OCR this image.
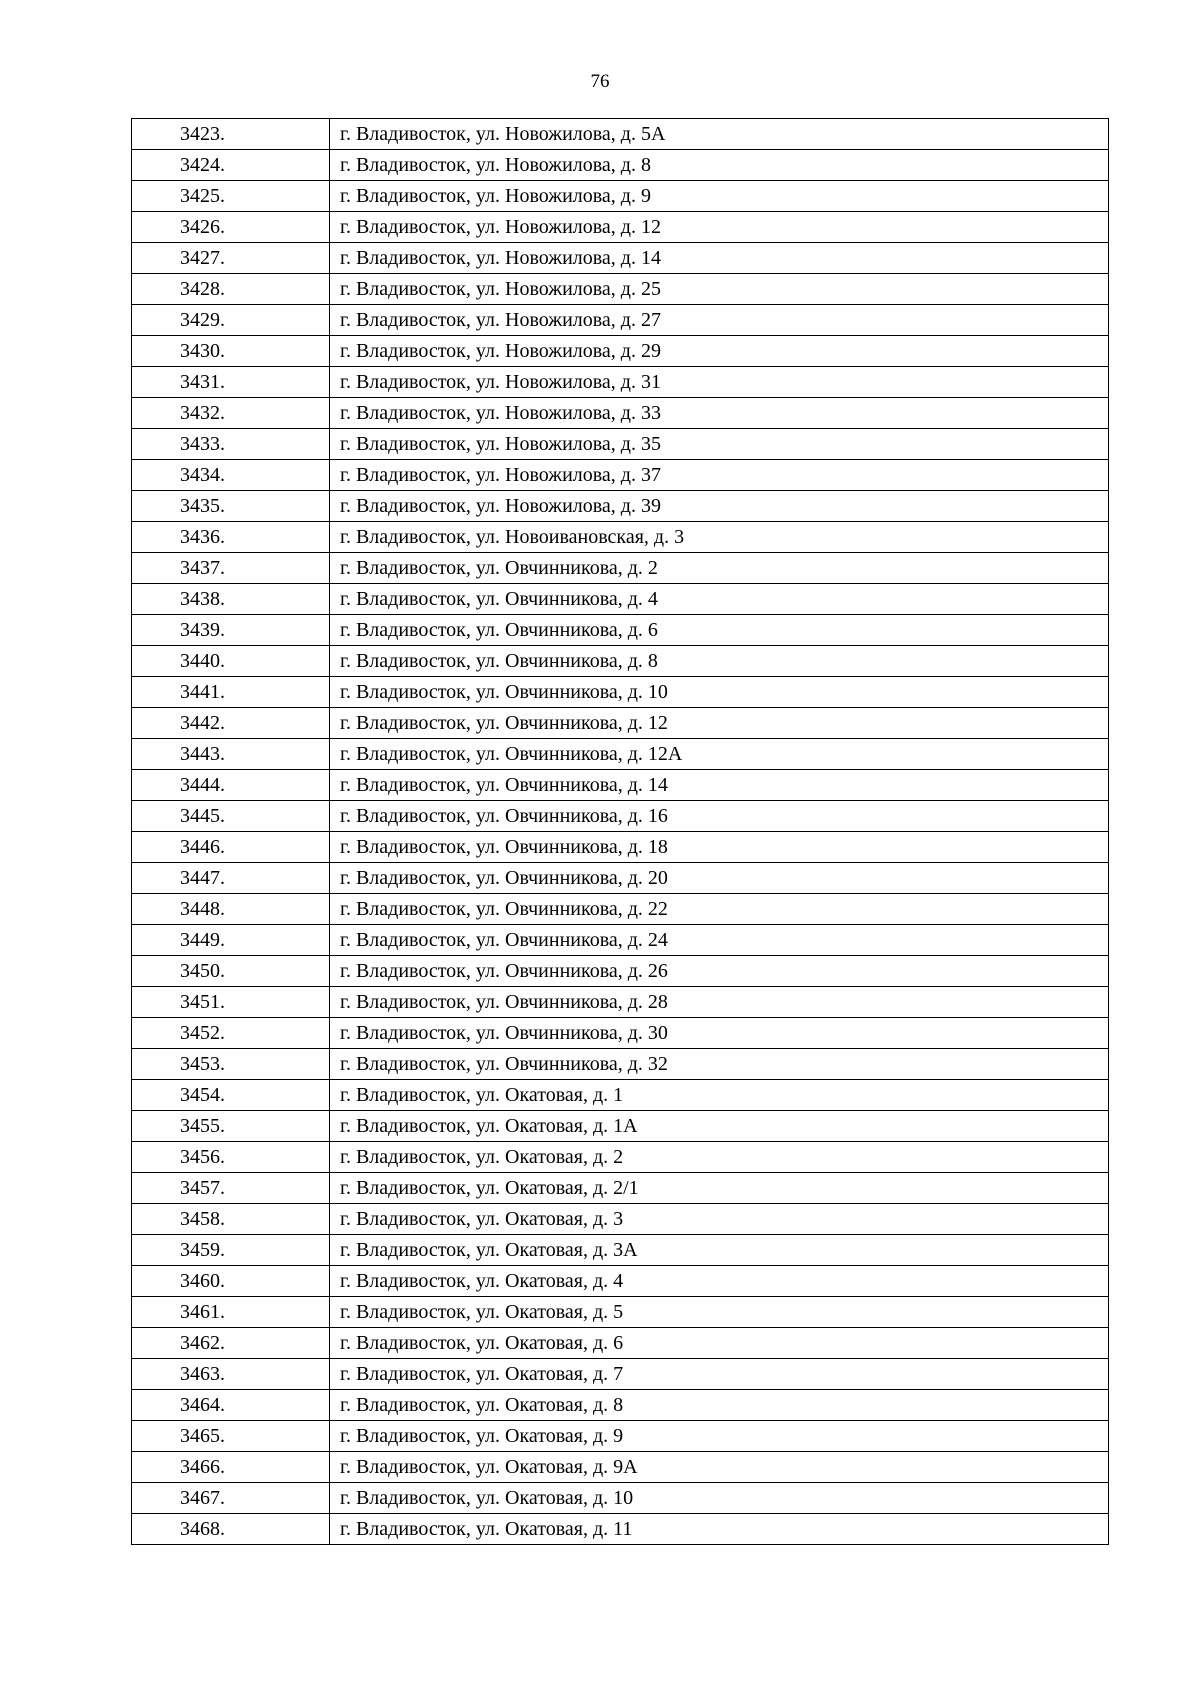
76
3423.	г. Владивосток, ул. Новожилова, д. 5А
3424.	г. Владивосток, ул. Новожилова, д. 8
3425.	г. Владивосток, ул. Новожилова, д. 9
3426.	г. Владивосток, ул. Новожилова, д. 12
3427.	г. Владивосток, ул. Новожилова, д. 14
3428.	г. Владивосток, ул. Новожилова, д. 25
3429.	г. Владивосток, ул. Новожилова, д. 27
3430.	г. Владивосток, ул. Новожилова, д. 29
3431.	г. Владивосток, ул. Новожилова, д. 31
3432.	г. Владивосток, ул. Новожилова, д. 33
3433.	г. Владивосток, ул. Новожилова, д. 35
3434.	г. Владивосток, ул. Новожилова, д. 37
3435.	г. Владивосток, ул. Новожилова, д. 39
3436.	г. Владивосток, ул. Новоивановская, д. 3
3437.	г. Владивосток, ул. Овчинникова, д. 2
3438.	г. Владивосток, ул. Овчинникова, д. 4
3439.	г. Владивосток, ул. Овчинникова, д. 6
3440.	г. Владивосток, ул. Овчинникова, д. 8
3441.	г. Владивосток, ул. Овчинникова, д. 10
3442.	г. Владивосток, ул. Овчинникова, д. 12
3443.	г. Владивосток, ул. Овчинникова, д. 12А
3444.	г. Владивосток, ул. Овчинникова, д. 14
3445.	г. Владивосток, ул. Овчинникова, д. 16
3446.	г. Владивосток, ул. Овчинникова, д. 18
3447.	г. Владивосток, ул. Овчинникова, д. 20
3448.	г. Владивосток, ул. Овчинникова, д. 22
3449.	г. Владивосток, ул. Овчинникова, д. 24
3450.	г. Владивосток, ул. Овчинникова, д. 26
3451.	г. Владивосток, ул. Овчинникова, д. 28
3452.	г. Владивосток, ул. Овчинникова, д. 30
3453.	г. Владивосток, ул. Овчинникова, д. 32
3454.	г. Владивосток, ул. Окатовая, д. 1
3455.	г. Владивосток, ул. Окатовая, д. 1А
3456.	г. Владивосток, ул. Окатовая, д. 2
3457.	г. Владивосток, ул. Окатовая, д. 2/1
3458.	г. Владивосток, ул. Окатовая, д. 3
3459.	г. Владивосток, ул. Окатовая, д. 3А
3460.	г. Владивосток, ул. Окатовая, д. 4
3461.	г. Владивосток, ул. Окатовая, д. 5
3462.	г. Владивосток, ул. Окатовая, д. 6
3463.	г. Владивосток, ул. Окатовая, д. 7
3464.	г. Владивосток, ул. Окатовая, д. 8
3465.	г. Владивосток, ул. Окатовая, д. 9
3466.	г. Владивосток, ул. Окатовая, д. 9А
3467.	г. Владивосток, ул. Окатовая, д. 10
3468.	г. Владивосток, ул. Окатовая, д. 11
